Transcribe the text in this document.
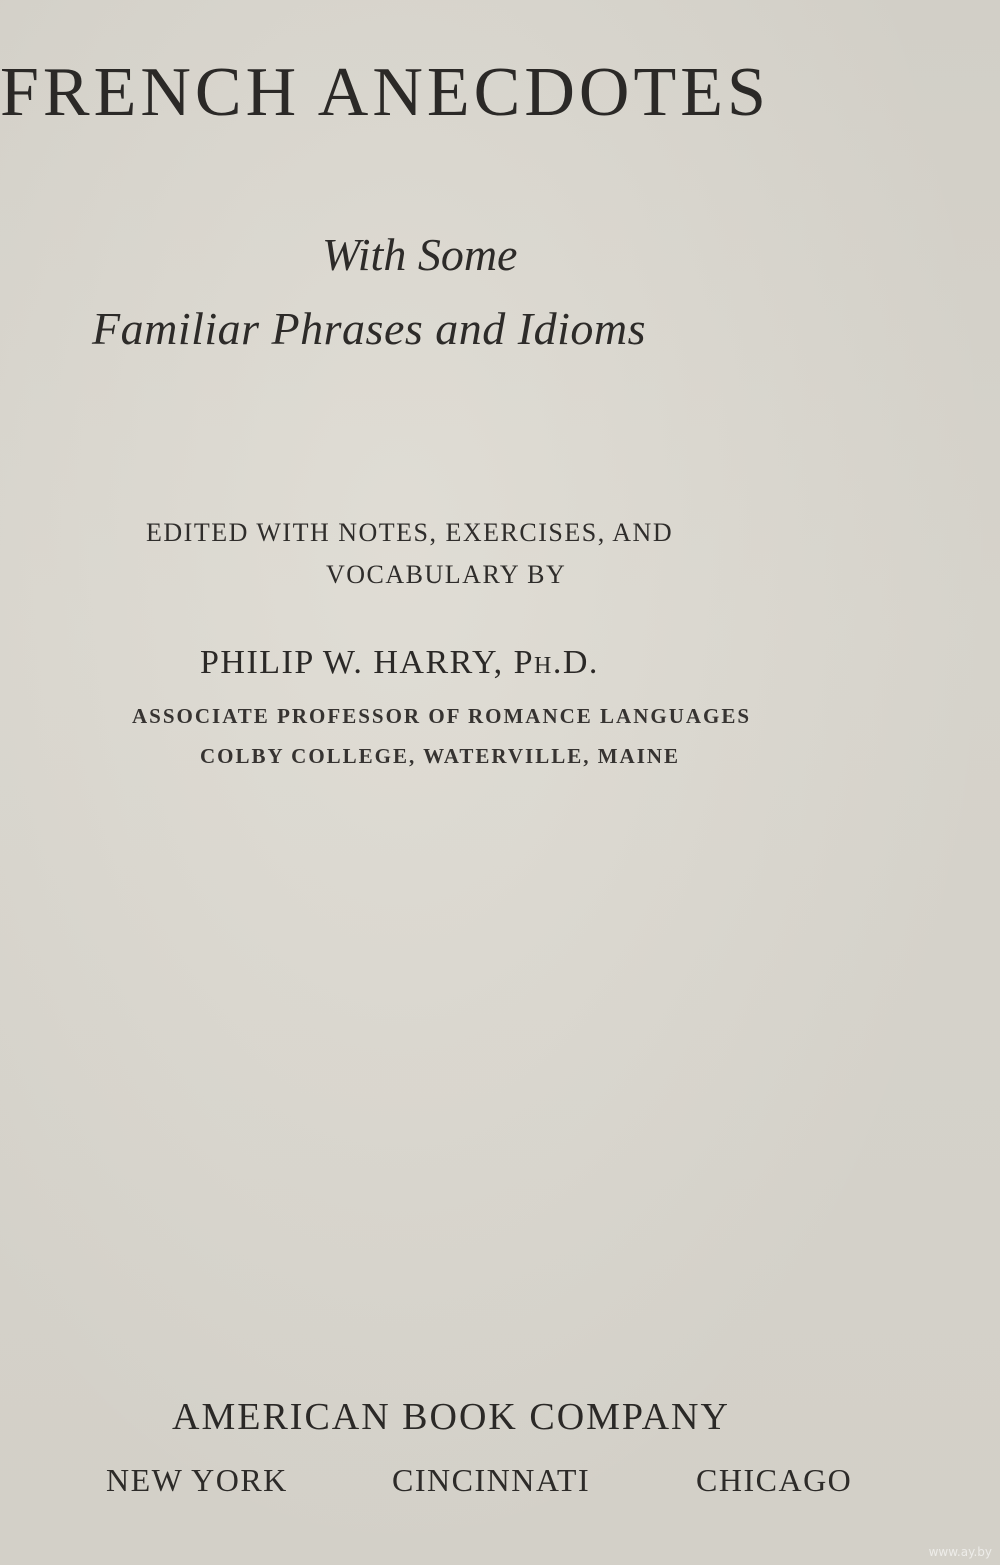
FRENCH ANECDOTES
With Some
Familiar Phrases and Idioms
EDITED WITH NOTES, EXERCISES, AND
VOCABULARY BY
PHILIP W. HARRY, Ph.D.
ASSOCIATE PROFESSOR OF ROMANCE LANGUAGES
COLBY COLLEGE, WATERVILLE, MAINE
AMERICAN BOOK COMPANY
NEW YORK	CINCINNATI	CHICAGO
www.ay.by
